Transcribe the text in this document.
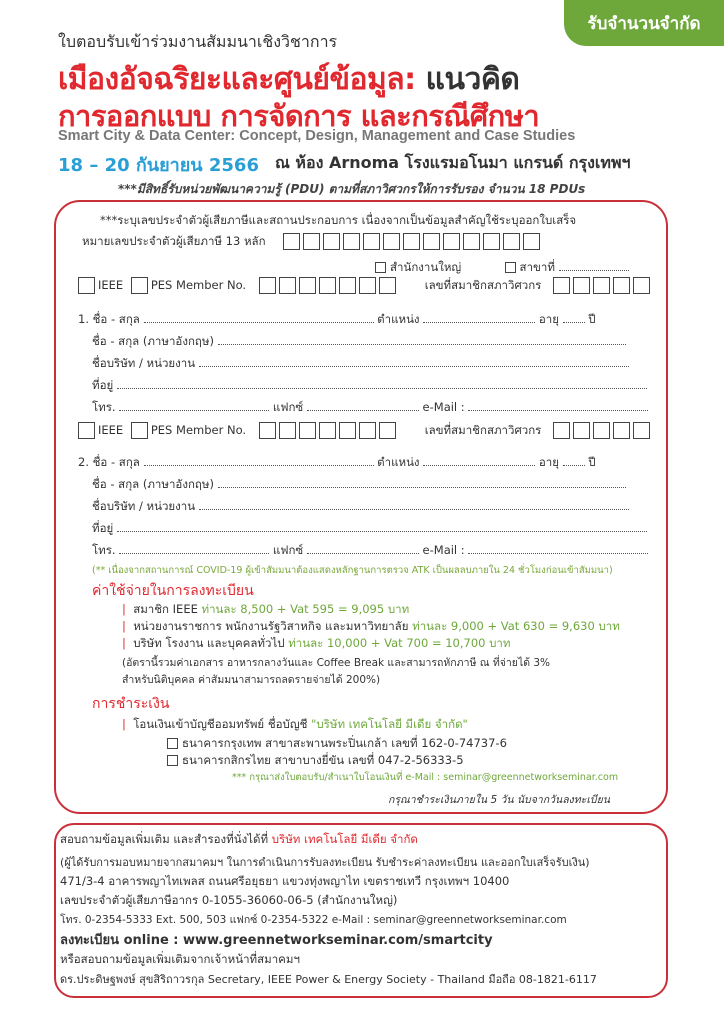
รับจำนวนจำกัด
ใบตอบรับเข้าร่วมงานสัมมนาเชิงวิชาการ
เมืองอัจฉริยะและศูนย์ข้อมูล: แนวคิด
การออกแบบ การจัดการ และกรณีศึกษา
Smart City & Data Center: Concept, Design, Management and Case Studies
18 – 20 กันยายน 2566 ณ ห้อง Arnoma โรงแรมอโนมา แกรนด์ กรุงเทพฯ
***มีสิทธิ์รับหน่วยพัฒนาความรู้ (PDU) ตามที่สภาวิศวกรให้การรับรอง จำนวน 18 PDUs
***ระบุเลขประจำตัวผู้เสียภาษีและสถานประกอบการ เนื่องจากเป็นข้อมูลสำคัญใช้ระบุออกใบเสร็จ
หมายเลขประจำตัวผู้เสียภาษี 13 หลัก
สำนักงานใหญ่	สาขาที่
IEEE PES Member No.	เลขที่สมาชิกสภาวิศวกร
1. ชื่อ - สกุล	ตำแหน่ง	อายุ	ปี
ชื่อ - สกุล (ภาษาอังกฤษ)
ชื่อบริษัท / หน่วยงาน
ที่อยู่
โทร.	แฟกซ์	e-Mail :
IEEE PES Member No.	เลขที่สมาชิกสภาวิศวกร
2. ชื่อ - สกุล	ตำแหน่ง	อายุ	ปี
ชื่อ - สกุล (ภาษาอังกฤษ)
ชื่อบริษัท / หน่วยงาน
ที่อยู่
โทร.	แฟกซ์	e-Mail :
(** เนื่องจากสถานการณ์ COVID-19 ผู้เข้าสัมมนาต้องแสดงหลักฐานการตรวจ ATK เป็นผลลบภายใน 24 ชั่วโมงก่อนเข้าสัมมนา)
ค่าใช้จ่ายในการลงทะเบียน
| สมาชิก IEEE ท่านละ 8,500 + Vat 595 = 9,095 บาท
| หน่วยงานราชการ พนักงานรัฐวิสาหกิจ และมหาวิทยาลัย ท่านละ 9,000 + Vat 630 = 9,630 บาท
| บริษัท โรงงาน และบุคคลทั่วไป ท่านละ 10,000 + Vat 700 = 10,700 บาท
(อัตรานี้รวมค่าเอกสาร อาหารกลางวันและ Coffee Break และสามารถหักภาษี ณ ที่จ่ายได้ 3%
สำหรับนิติบุคคล ค่าสัมมนาสามารถลดรายจ่ายได้ 200%)
การชำระเงิน
| โอนเงินเข้าบัญชีออมทรัพย์ ชื่อบัญชี "บริษัท เทคโนโลยี มีเดีย จำกัด"
ธนาคารกรุงเทพ สาขาสะพานพระปิ่นเกล้า เลขที่ 162-0-74737-6
ธนาคารกสิกรไทย สาขาบางยี่ขัน เลขที่ 047-2-56333-5
*** กรุณาส่งใบตอบรับ/สำเนาใบโอนเงินที่ e-Mail : seminar@greennetworkseminar.com
กรุณาชำระเงินภายใน 5 วัน นับจากวันลงทะเบียน
สอบถามข้อมูลเพิ่มเติม และสำรองที่นั่งได้ที่ บริษัท เทคโนโลยี มีเดีย จำกัด
(ผู้ได้รับการมอบหมายจากสมาคมฯ ในการดำเนินการรับลงทะเบียน รับชำระค่าลงทะเบียน และออกใบเสร็จรับเงิน)
471/3-4 อาคารพญาไทเพลส ถนนศรีอยุธยา แขวงทุ่งพญาไท เขตราชเทวี กรุงเทพฯ 10400
เลขประจำตัวผู้เสียภาษีอากร 0-1055-36060-06-5 (สำนักงานใหญ่)
โทร. 0-2354-5333 Ext. 500, 503 แฟกซ์ 0-2354-5322 e-Mail : seminar@greennetworkseminar.com
ลงทะเบียน online : www.greennetworkseminar.com/smartcity
หรือสอบถามข้อมูลเพิ่มเติมจากเจ้าหน้าที่สมาคมฯ
ดร.ประดิษฐพงษ์ สุขสิริถาวรกุล Secretary, IEEE Power & Energy Society - Thailand มือถือ 08-1821-6117
